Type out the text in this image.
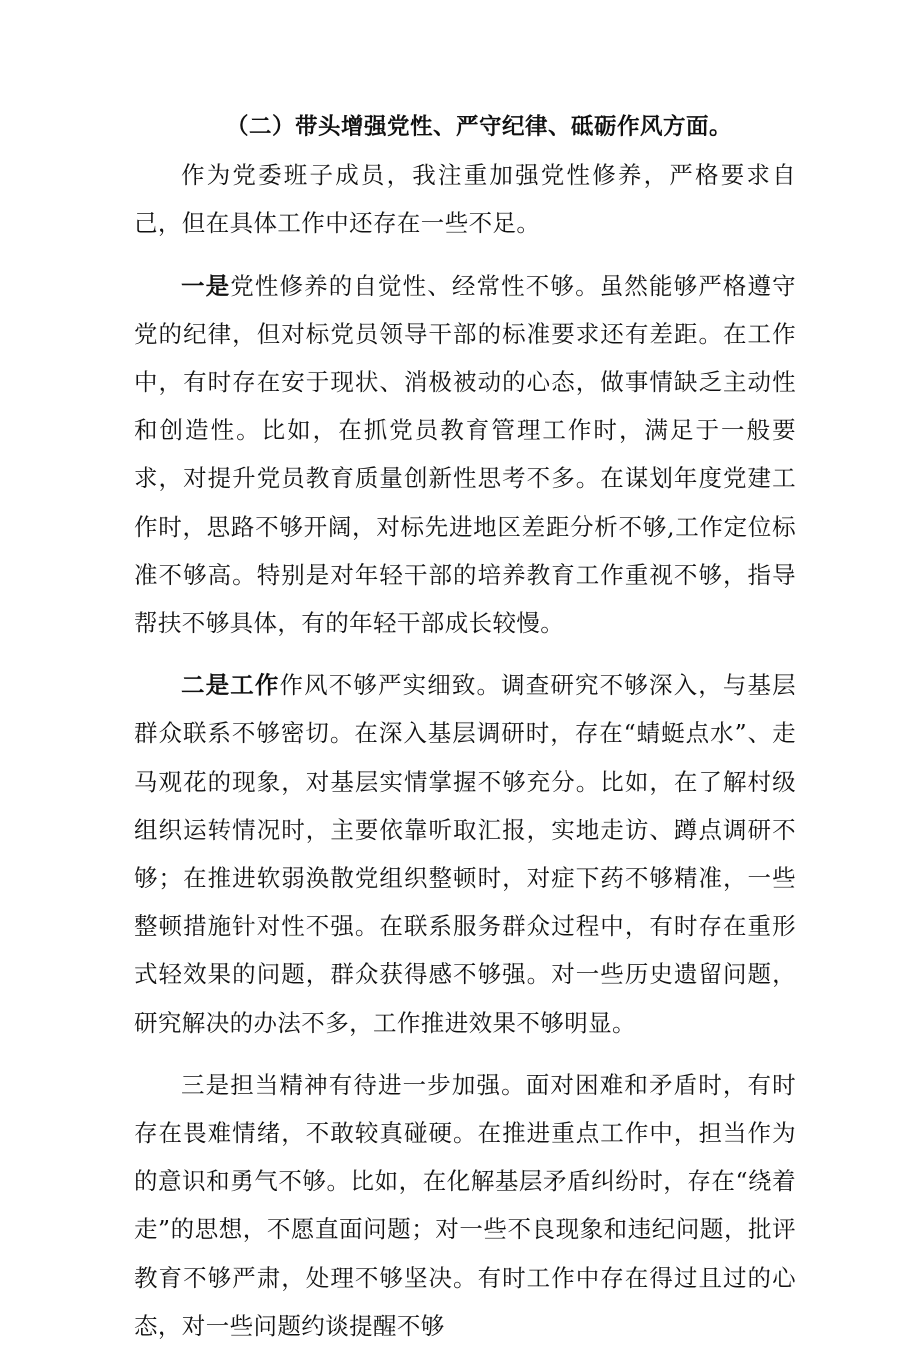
（二）带头增强党性、严守纪律、砥砺作风方面。

作为党委班子成员，我注重加强党性修养，严格要求自己，但在具体工作中还存在一些不足。

一是党性修养的自觉性、经常性不够。虽然能够严格遵守党的纪律，但对标党员领导干部的标准要求还有差距。在工作中，有时存在安于现状、消极被动的心态，做事情缺乏主动性和创造性。比如，在抓党员教育管理工作时，满足于一般要求，对提升党员教育质量创新性思考不多。在谋划年度党建工作时，思路不够开阔，对标先进地区差距分析不够,工作定位标准不够高。特别是对年轻干部的培养教育工作重视不够，指导帮扶不够具体，有的年轻干部成长较慢。

二是工作作风不够严实细致。调查研究不够深入，与基层群众联系不够密切。在深入基层调研时，存在“蜻蜓点水”、走马观花的现象，对基层实情掌握不够充分。比如，在了解村级组织运转情况时，主要依靠听取汇报，实地走访、蹲点调研不够；在推进软弱涣散党组织整顿时，对症下药不够精准，一些整顿措施针对性不强。在联系服务群众过程中，有时存在重形式轻效果的问题，群众获得感不够强。对一些历史遗留问题，研究解决的办法不多，工作推进效果不够明显。

三是担当精神有待进一步加强。面对困难和矛盾时，有时存在畏难情绪，不敢较真碰硬。在推进重点工作中，担当作为的意识和勇气不够。比如，在化解基层矛盾纠纷时，存在“绕着走”的思想，不愿直面问题；对一些不良现象和违纪问题，批评教育不够严肃，处理不够坚决。有时工作中存在得过且过的心态，对一些问题约谈提醒不够
